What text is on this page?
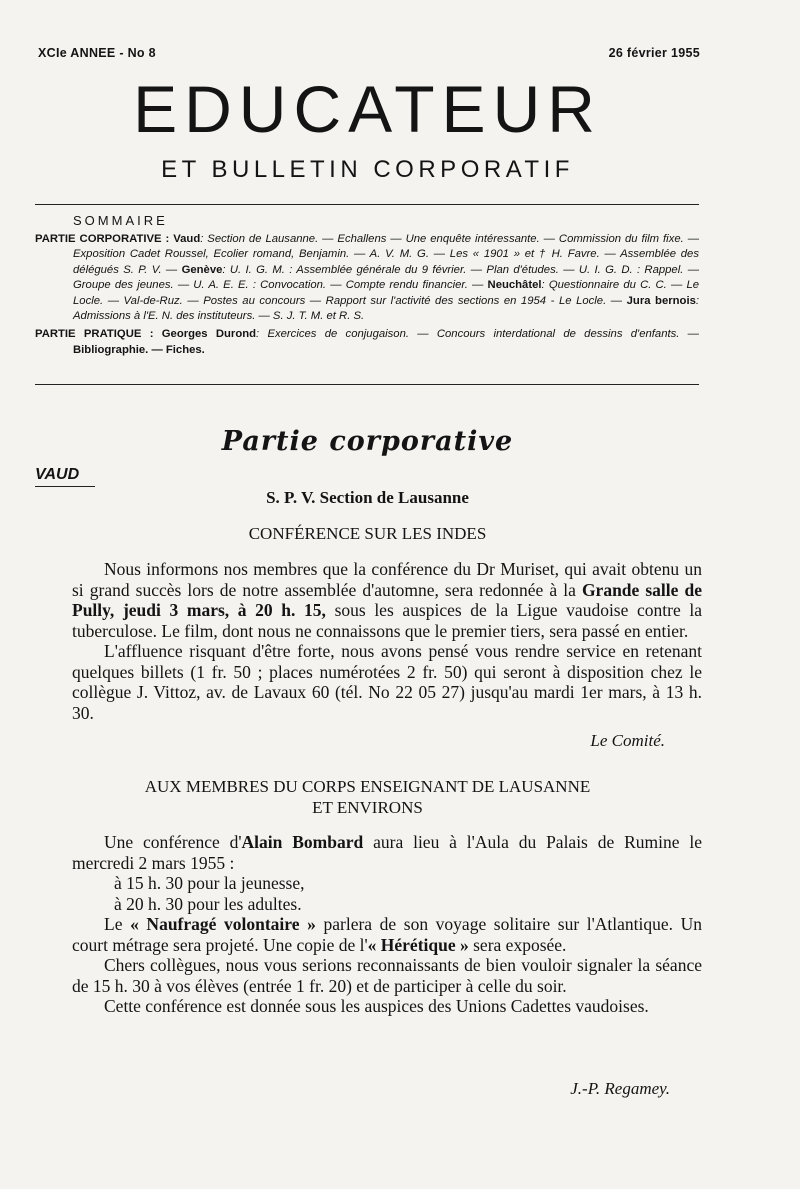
XCIe ANNEE - No 8	26 février 1955
EDUCATEUR
ET BULLETIN CORPORATIF
SOMMAIRE

PARTIE CORPORATIVE : Vaud: Section de Lausanne. — Echallens — Une enquête intéressante. — Commission du film fixe. — Exposition Cadet Roussel, Ecolier romand, Benjamin. — A. V. M. G. — Les « 1901 » et † H. Favre. — Assemblée des délégués S. P. V. — Genève: U. I. G. M. : Assemblée générale du 9 février. — Plan d'études. — U. I. G. D. : Rappel. — Groupe des jeunes. — U. A. E. E. : Convocation. — Compte rendu financier. — Neuchâtel: Questionnaire du C. C. — Le Locle. — Val-de-Ruz. — Postes au concours — Rapport sur l'activité des sections en 1954 - Le Locle. — Jura bernois: Admissions à l'E. N. des instituteurs. — S. J. T. M. et R. S.

PARTIE PRATIQUE : Georges Durond: Exercices de conjugaison. — Concours interdational de dessins d'enfants. — Bibliographie. — Fiches.

Partie corporative
VAUD
S. P. V. Section de Lausanne
CONFÉRENCE SUR LES INDES

Nous informons nos membres que la conférence du Dr Muriset, qui avait obtenu un si grand succès lors de notre assemblée d'automne, sera redonnée à la Grande salle de Pully, jeudi 3 mars, à 20 h. 15, sous les auspices de la Ligue vaudoise contre la tuberculose. Le film, dont nous ne connaissons que le premier tiers, sera passé en entier.

L'affluence risquant d'être forte, nous avons pensé vous rendre service en retenant quelques billets (1 fr. 50 ; places numérotées 2 fr. 50) qui seront à disposition chez le collègue J. Vittoz, av. de Lavaux 60 (tél. No 22 05 27) jusqu'au mardi 1er mars, à 13 h. 30.

Le Comité.
AUX MEMBRES DU CORPS ENSEIGNANT DE LAUSANNE
ET ENVIRONS

Une conférence d'Alain Bombard aura lieu à l'Aula du Palais de Rumine le mercredi 2 mars 1955 :

à 15 h. 30 pour la jeunesse,
à 20 h. 30 pour les adultes.

Le « Naufragé volontaire » parlera de son voyage solitaire sur l'Atlantique. Un court métrage sera projeté. Une copie de l'« Hérétique » sera exposée.

Chers collègues, nous vous serions reconnaissants de bien vouloir signaler la séance de 15 h. 30 à vos élèves (entrée 1 fr. 20) et de participer à celle du soir.

Cette conférence est donnée sous les auspices des Unions Cadettes vaudoises.

J.-P. Regamey.
